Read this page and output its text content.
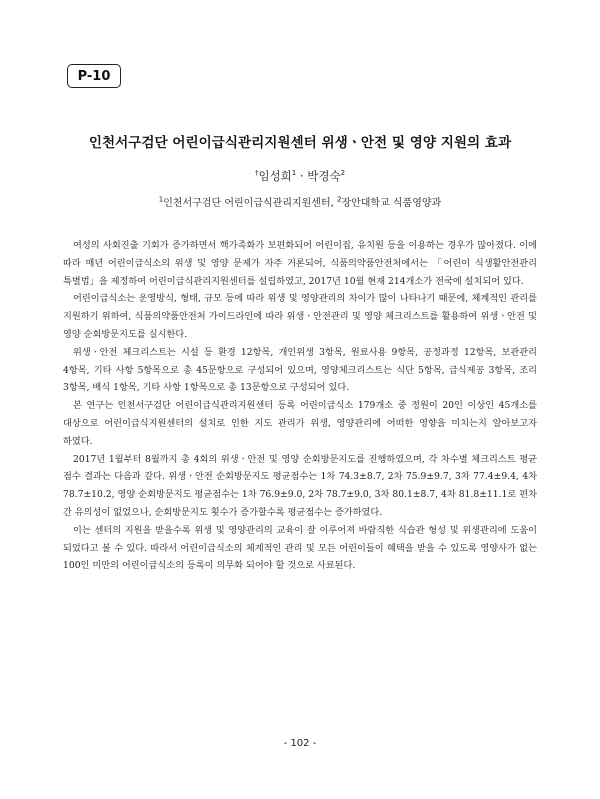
P-10
인천서구검단 어린이급식관리지원센터 위생ㆍ안전 및 영양 지원의 효과
†임성희$^1$ · 박경숙$^2$
$^1$인천서구검단 어린이급식관리지원센터, $^2$장안대학교 식품영양과

여성의 사회진출 기회가 증가하면서 핵가족화가 보편화되어 어린이집, 유치원 등을 이용하는 경우가 많아졌다. 이에 따라 매년 어린이급식소의 위생 및 영양 문제가 자주 거론되어, 식품의약품안전처에서는 「어린이 식생활안전관리 특별법」을 제정하여 어린이급식관리지원센터를 설립하였고, 2017년 10월 현재 214개소가 전국에 설치되어 있다.

어린이급식소는 운영방식, 형태, 규모 등에 따라 위생 및 영양관리의 차이가 많이 나타나기 때문에, 체계적인 관리를 지원하기 위하여, 식품의약품안전처 가이드라인에 따라 위생ㆍ안전관리 및 영양 체크리스트를 활용하여 위생ㆍ안전 및 영양 순회방문지도를 실시한다.

위생ㆍ안전 체크리스트는 시설 등 환경 12항목, 개인위생 3항목, 원료사용 9항목, 공정과정 12항목, 보관관리 4항목, 기타 사항 5항목으로 총 45문항으로 구성되어 있으며, 영양체크리스트는 식단 5항목, 급식제공 3항목, 조리 3항목, 배식 1항목, 기타 사항 1항목으로 총 13문항으로 구성되어 있다.

본 연구는 인천서구검단 어린이급식관리지원센터 등록 어린이급식소 179개소 중 정원이 20인 이상인 45개소를 대상으로 어린이급식지원센터의 설치로 인한 지도 관리가 위생, 영양관리에 어떠한 영향을 미치는지 알아보고자 하였다.

2017년 1월부터 8월까지 총 4회의 위생ㆍ안전 및 영양 순회방문지도를 진행하였으며, 각 차수별 체크리스트 평균 점수 결과는 다음과 같다. 위생ㆍ안전 순회방문지도 평균점수는 1차 74.3±8.7, 2차 75.9±9.7, 3차 77.4±9.4, 4차 78.7±10.2, 영양 순회방문지도 평균점수는 1차 76.9±9.0, 2차 78.7±9.0, 3차 80.1±8.7, 4차 81.8±11.1로 편차 간 유의성이 없었으나, 순회방문지도 횟수가 증가할수록 평균점수는 증가하였다.

이는 센터의 지원을 받을수록 위생 및 영양관리의 교육이 잘 이루어져 바람직한 식습관 형성 및 위생관리에 도움이 되었다고 볼 수 있다. 따라서 어린이급식소의 체계적인 관리 및 모든 어린이들이 혜택을 받을 수 있도록 영양사가 없는 100인 미만의 어린이급식소의 등록이 의무화 되어야 할 것으로 사료된다.

- 102 -
